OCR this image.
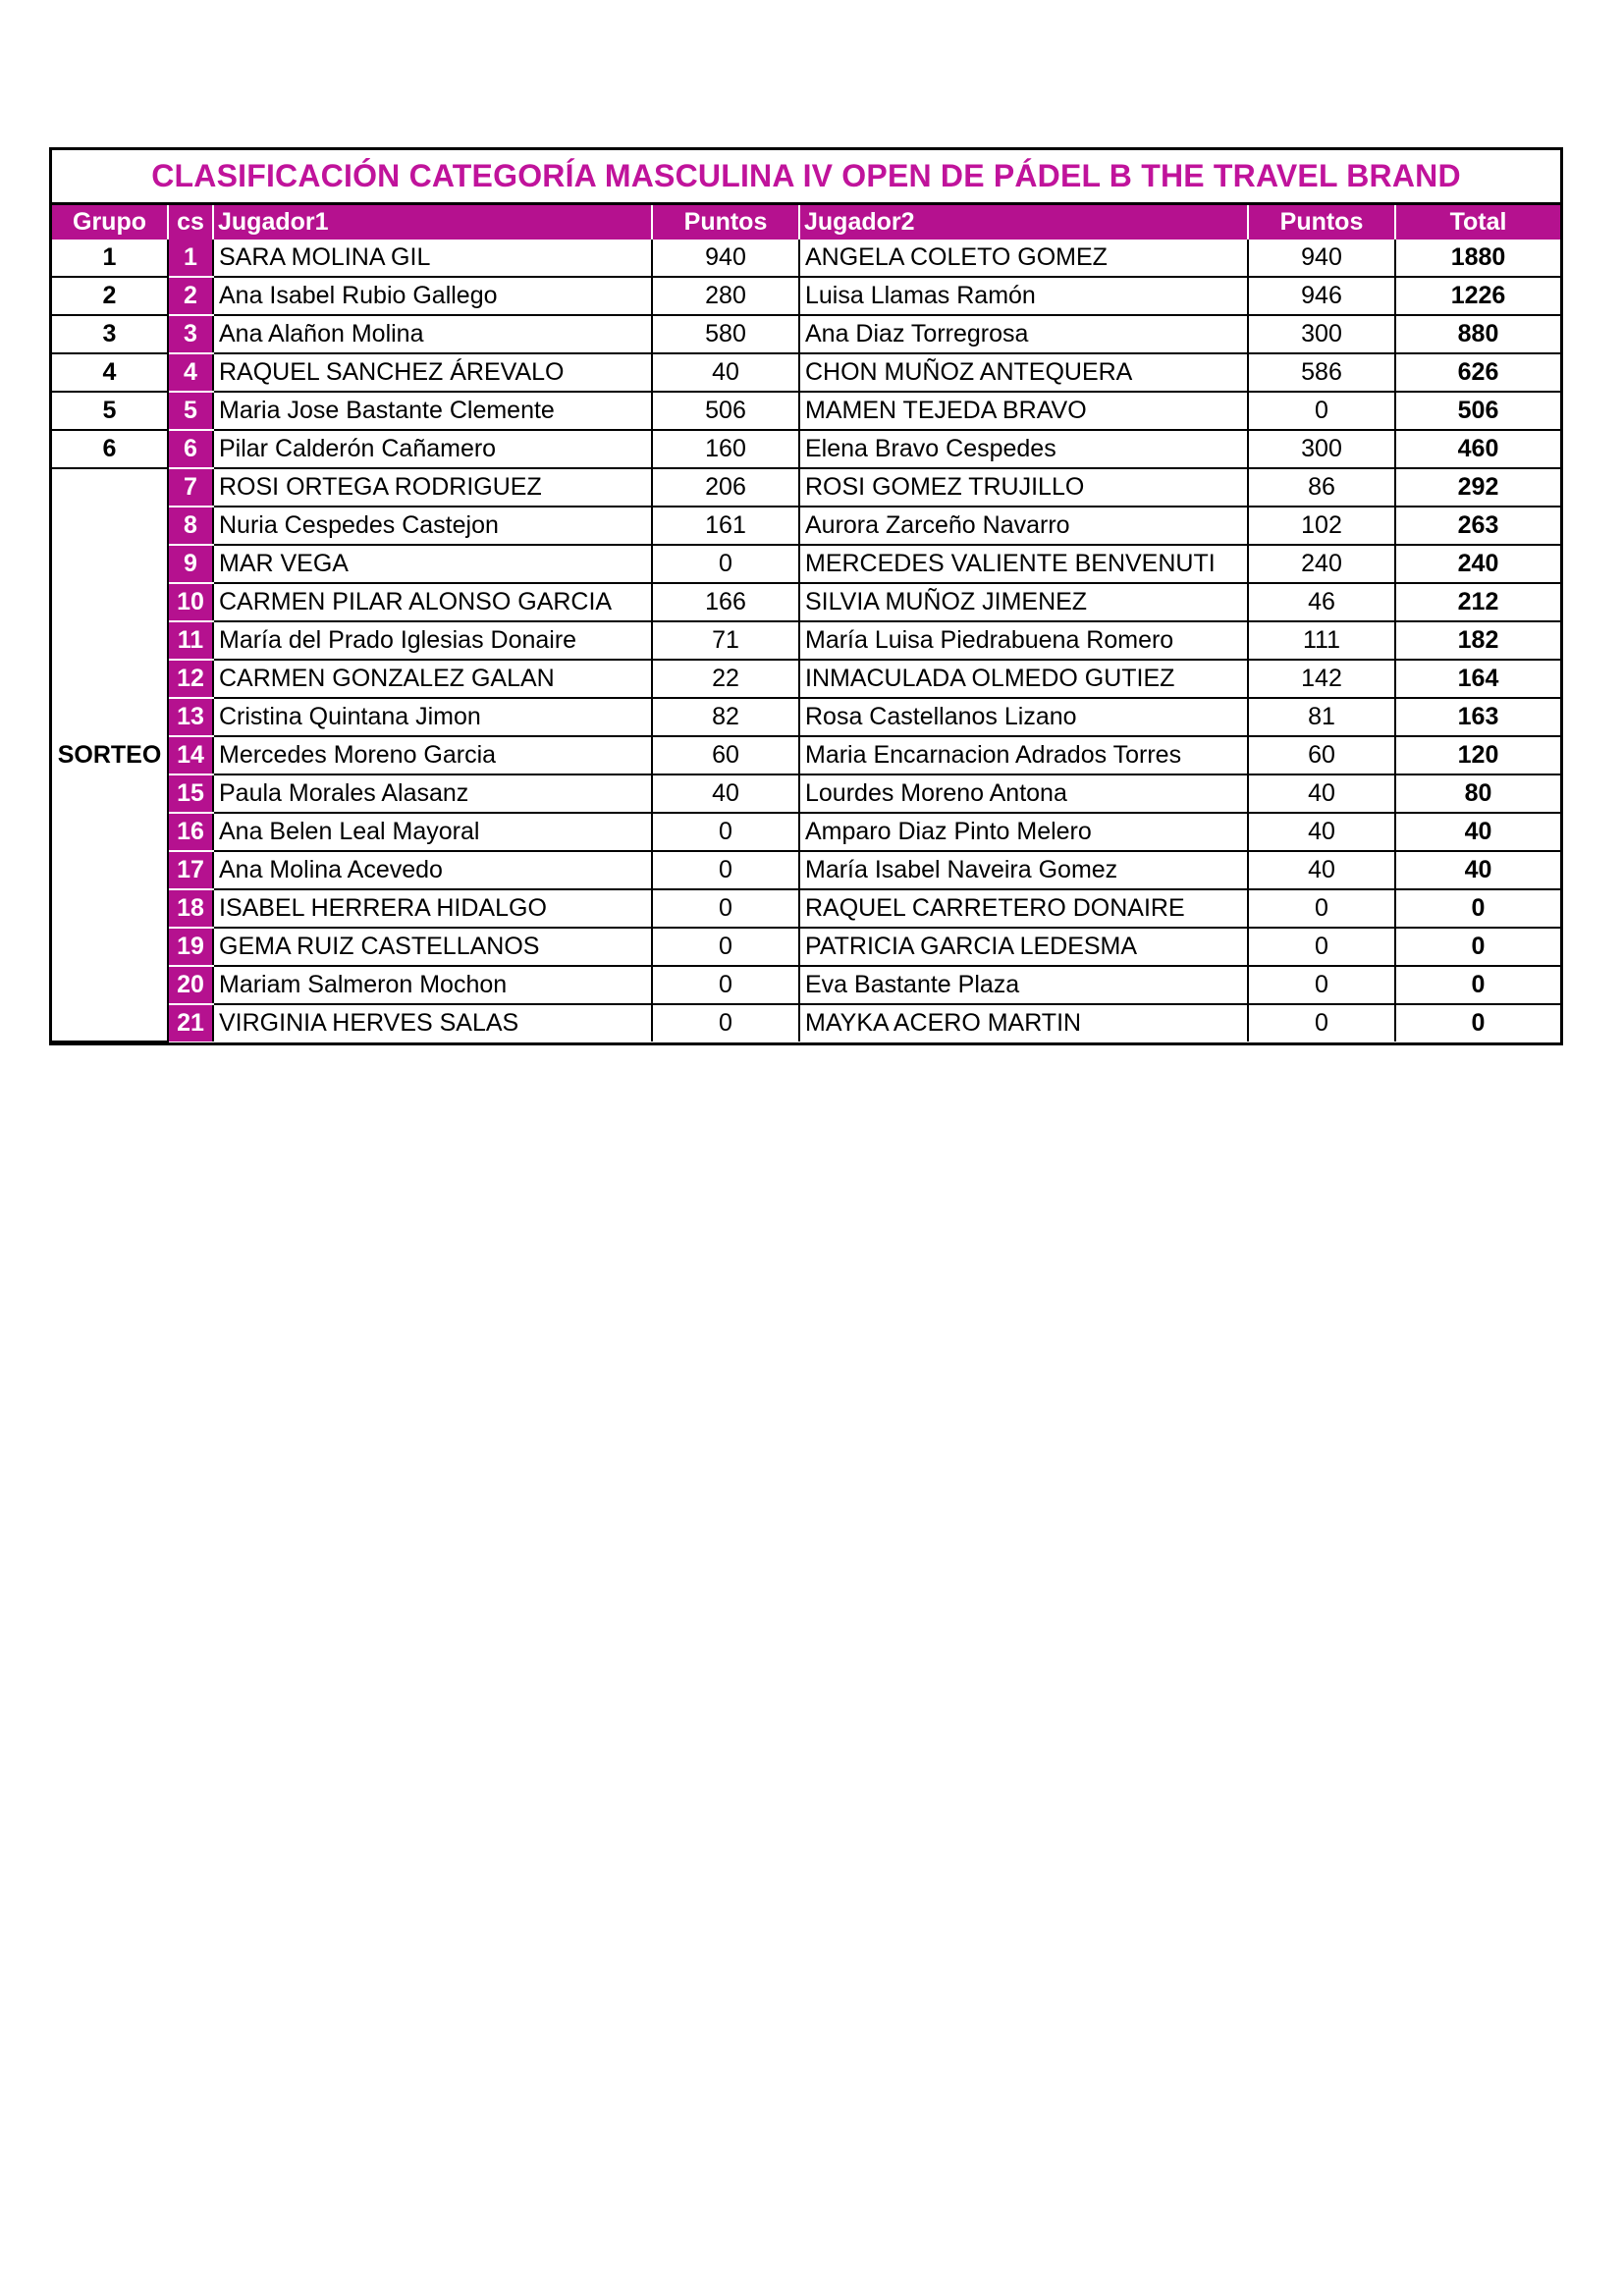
CLASIFICACIÓN CATEGORÍA MASCULINA IV OPEN DE PÁDEL B THE TRAVEL BRAND
Grupo	cs	Jugador1	Puntos	Jugador2	Puntos	Total
1	1	SARA MOLINA GIL	940	ANGELA COLETO GOMEZ	940	1880
2	2	Ana Isabel Rubio Gallego	280	Luisa Llamas Ramón	946	1226
3	3	Ana Alañon Molina	580	Ana Diaz Torregrosa	300	880
4	4	RAQUEL SANCHEZ ÁREVALO	40	CHON MUÑOZ ANTEQUERA	586	626
5	5	Maria Jose Bastante Clemente	506	MAMEN TEJEDA BRAVO	0	506
6	6	Pilar Calderón Cañamero	160	Elena Bravo Cespedes	300	460
SORTEO	7	ROSI ORTEGA RODRIGUEZ	206	ROSI GOMEZ TRUJILLO	86	292
	8	Nuria Cespedes Castejon	161	Aurora Zarceño Navarro	102	263
	9	MAR VEGA	0	MERCEDES VALIENTE BENVENUTI	240	240
	10	CARMEN PILAR ALONSO GARCIA	166	SILVIA MUÑOZ JIMENEZ	46	212
	11	María del Prado Iglesias Donaire	71	María Luisa Piedrabuena Romero	111	182
	12	CARMEN GONZALEZ GALAN	22	INMACULADA OLMEDO GUTIEZ	142	164
	13	Cristina Quintana Jimon	82	Rosa Castellanos Lizano	81	163
	14	Mercedes Moreno Garcia	60	Maria Encarnacion Adrados Torres	60	120
	15	Paula Morales Alasanz	40	Lourdes Moreno Antona	40	80
	16	Ana Belen Leal Mayoral	0	Amparo Diaz Pinto Melero	40	40
	17	Ana Molina Acevedo	0	María Isabel Naveira Gomez	40	40
	18	ISABEL HERRERA HIDALGO	0	RAQUEL CARRETERO DONAIRE	0	0
	19	GEMA RUIZ CASTELLANOS	0	PATRICIA GARCIA LEDESMA	0	0
	20	Mariam Salmeron Mochon	0	Eva Bastante Plaza	0	0
	21	VIRGINIA HERVES SALAS	0	MAYKA ACERO MARTIN	0	0
